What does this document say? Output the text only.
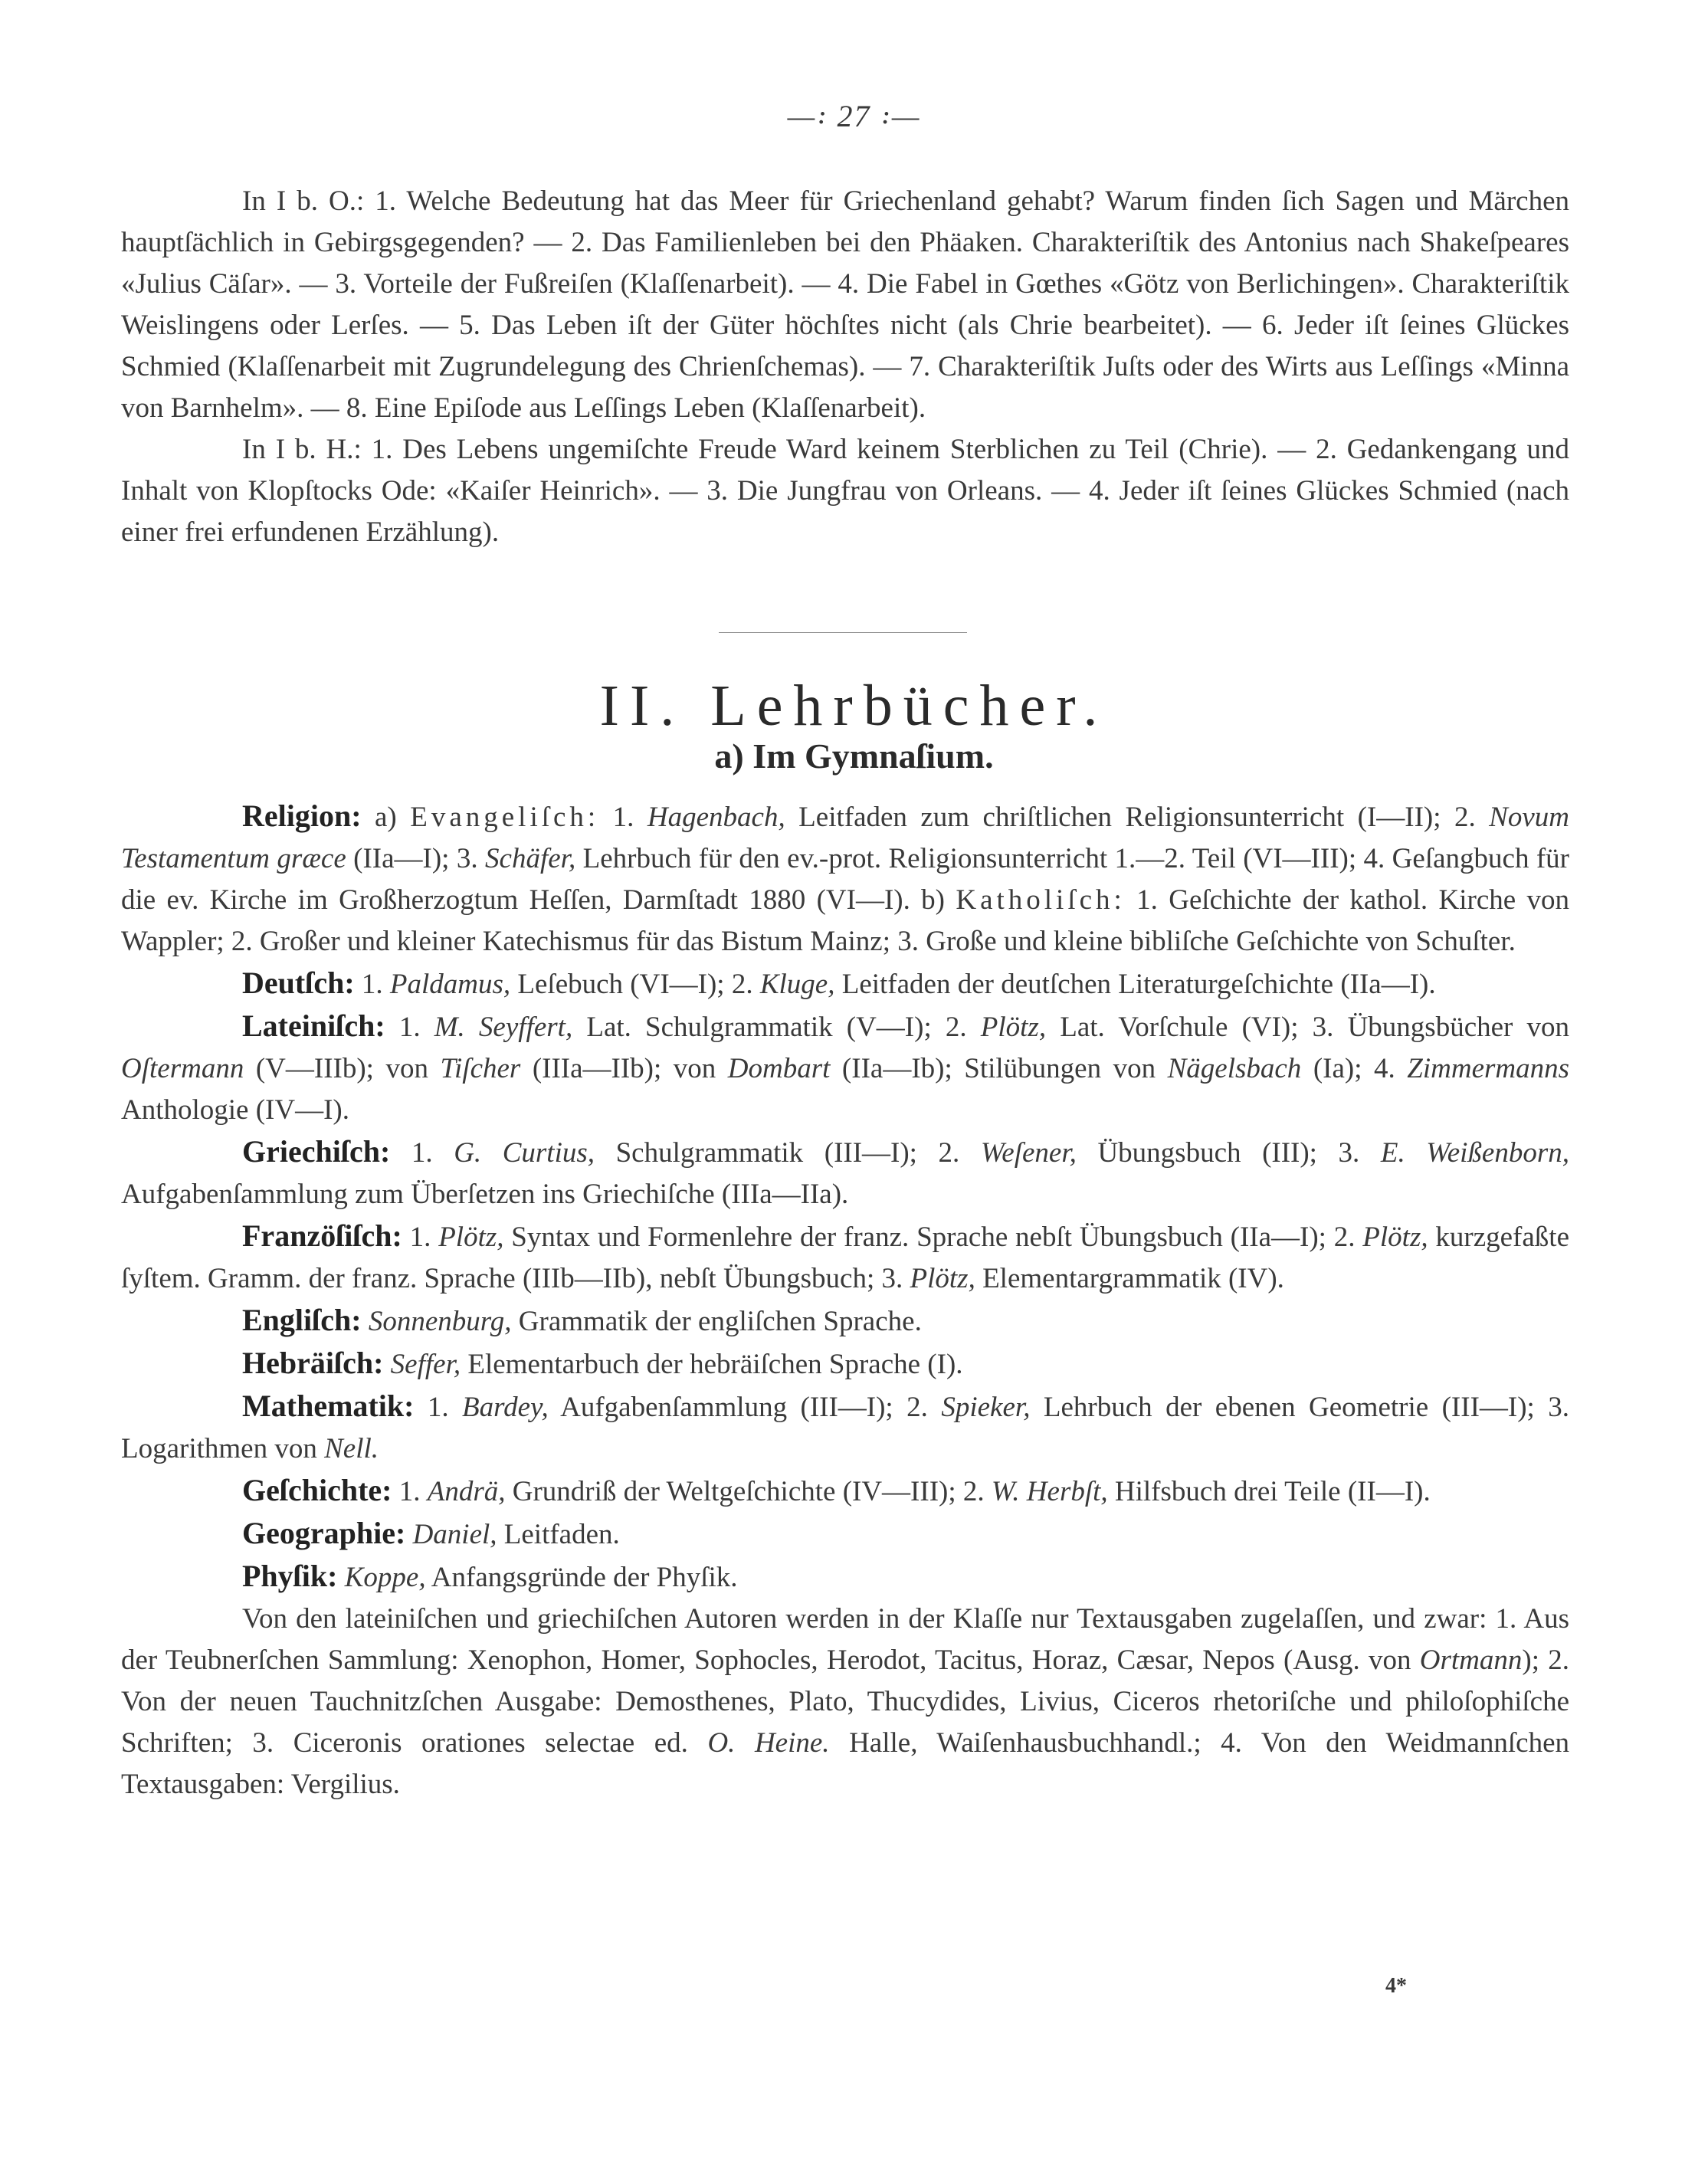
—꞉ 27 ꞉—

In I b. O.: 1. Welche Bedeutung hat das Meer für Griechenland gehabt? Warum finden ſich Sagen und Märchen hauptſächlich in Gebirgsgegenden? — 2. Das Familienleben bei den Phäaken. Charakteriſtik des Antonius nach Shakeſpeares «Julius Cäſar». — 3. Vorteile der Fußreiſen (Klaſſenarbeit). — 4. Die Fabel in Gœthes «Götz von Berlichingen». Charakteriſtik Weislingens oder Lerſes. — 5. Das Leben iſt der Güter höchſtes nicht (als Chrie bearbeitet). — 6. Jeder iſt ſeines Glückes Schmied (Klaſſenarbeit mit Zugrundelegung des Chrienſchemas). — 7. Charakteriſtik Juſts oder des Wirts aus Leſſings «Minna von Barnhelm». — 8. Eine Epiſode aus Leſſings Leben (Klaſſenarbeit).

In I b. H.: 1. Des Lebens ungemiſchte Freude Ward keinem Sterblichen zu Teil (Chrie). — 2. Gedankengang und Inhalt von Klopſtocks Ode: «Kaiſer Heinrich». — 3. Die Jungfrau von Orleans. — 4. Jeder iſt ſeines Glückes Schmied (nach einer frei erfundenen Erzählung).

II. Lehrbücher.
a) Im Gymnaſium.

Religion: a) Evangeliſch: 1. Hagenbach, Leitfaden zum chriſtlichen Religionsunterricht (I—II); 2. Novum Testamentum græce (IIa—I); 3. Schäfer, Lehrbuch für den ev.-prot. Religionsunterricht 1.—2. Teil (VI—III); 4. Geſangbuch für die ev. Kirche im Großherzogtum Heſſen, Darmſtadt 1880 (VI—I). b) Katholiſch: 1. Geſchichte der kathol. Kirche von Wappler; 2. Großer und kleiner Katechismus für das Bistum Mainz; 3. Große und kleine bibliſche Geſchichte von Schuſter.

Deutſch: 1. Paldamus, Leſebuch (VI—I); 2. Kluge, Leitfaden der deutſchen Literaturgeſchichte (IIa—I).

Lateiniſch: 1. M. Seyffert, Lat. Schulgrammatik (V—I); 2. Plötz, Lat. Vorſchule (VI); 3. Übungsbücher von Oſtermann (V—IIIb); von Tiſcher (IIIa—IIb); von Dombart (IIa—Ib); Stilübungen von Nägelsbach (Ia); 4. Zimmermanns Anthologie (IV—I).

Griechiſch: 1. G. Curtius, Schulgrammatik (III—I); 2. Weſener, Übungsbuch (III); 3. E. Weißenborn, Aufgabenſammlung zum Überſetzen ins Griechiſche (IIIa—IIa).

Franzöſiſch: 1. Plötz, Syntax und Formenlehre der franz. Sprache nebſt Übungsbuch (IIa—I); 2. Plötz, kurzgefaßte ſyſtem. Gramm. der franz. Sprache (IIIb—IIb), nebſt Übungsbuch; 3. Plötz, Elementargrammatik (IV).

Engliſch: Sonnenburg, Grammatik der engliſchen Sprache.

Hebräiſch: Seffer, Elementarbuch der hebräiſchen Sprache (I).

Mathematik: 1. Bardey, Aufgabenſammlung (III—I); 2. Spieker, Lehrbuch der ebenen Geometrie (III—I); 3. Logarithmen von Nell.

Geſchichte: 1. Andrä, Grundriß der Weltgeſchichte (IV—III); 2. W. Herbſt, Hilfsbuch drei Teile (II—I).

Geographie: Daniel, Leitfaden.

Phyſik: Koppe, Anfangsgründe der Phyſik.

Von den lateiniſchen und griechiſchen Autoren werden in der Klaſſe nur Textausgaben zugelaſſen, und zwar: 1. Aus der Teubnerſchen Sammlung: Xenophon, Homer, Sophocles, Herodot, Tacitus, Horaz, Cæsar, Nepos (Ausg. von Ortmann); 2. Von der neuen Tauchnitzſchen Ausgabe: Demosthenes, Plato, Thucydides, Livius, Ciceros rhetoriſche und philoſophiſche Schriften; 3. Ciceronis orationes selectae ed. O. Heine. Halle, Waiſenhausbuchhandl.; 4. Von den Weidmannſchen Textausgaben: Vergilius.

4*
